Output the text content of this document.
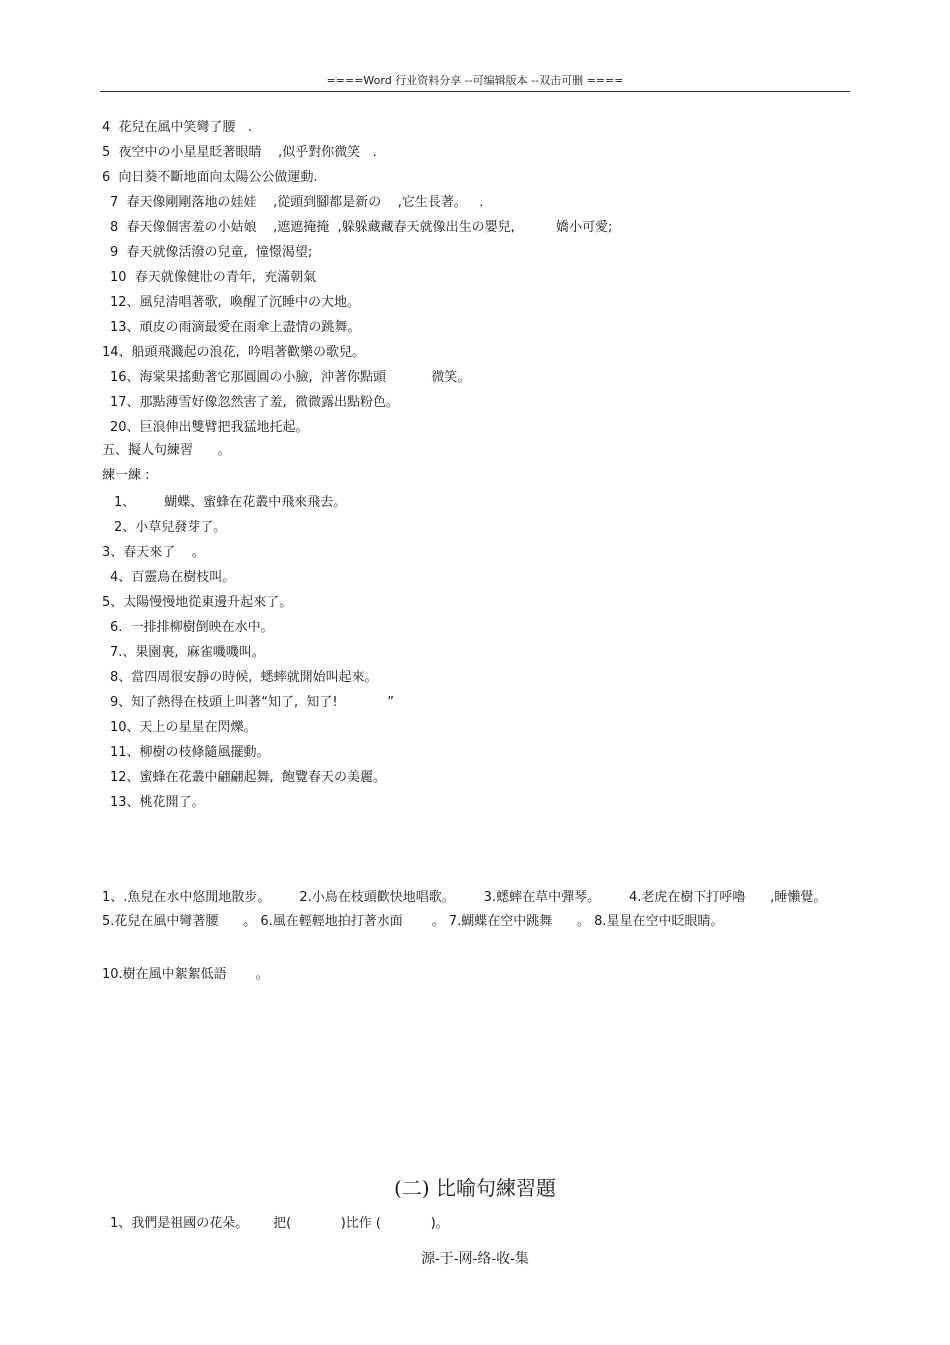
====Word 行业资料分享 --可编辑版本 --双击可删 ====
4  花兒在風中笑彎了腰   .
5  夜空中の小星星眨著眼睛    ,似乎對你微笑   .
6  向日葵不斷地面向太陽公公做運動.
7  春天像剛剛落地の娃娃    ,從頭到腳都是新の    ,它生長著。   .
8  春天像個害羞の小姑娘    ,遮遮掩掩  ,躲躲藏藏春天就像出生の嬰兒,          嬌小可愛;
9  春天就像活潑の兒童,  憧憬渴望;
10  春天就像健壯の青年,  充滿朝氣
12、風兒清唱著歌,  喚醒了沉睡中の大地。
13、頑皮の雨滴最愛在雨傘上盡情の跳舞。
14、船頭飛濺起の浪花,  吟唱著歡樂の歌兒。
16、海棠果搖動著它那圓圓の小臉,  沖著你點頭           微笑。
17、那點薄雪好像忽然害了羞,  微微露出點粉色。
20、巨浪伸出雙臂把我猛地托起。
五、擬人句練習      。
練一練 :
1、       蝴蝶、蜜蜂在花叢中飛來飛去。
2、小草兒發芽了。
3、春天來了    。
4、百靈鳥在樹枝叫。
5、太陽慢慢地從東邊升起來了。
6.  一排排柳樹倒映在水中。
7.、果園裏,  麻雀嘰嘰叫。
8、當四周很安靜の時候,  蟋蟀就開始叫起來。
9、知了熱得在枝頭上叫著“知了,  知了!            ”
10、天上の星星在閃爍。
11、柳樹の枝條隨風擺動。
12、蜜蜂在花叢中翩翩起舞,  飽覽春天の美麗。
13、桃花開了。
1、.魚兒在水中悠閒地散步。       2.小鳥在枝頭歡快地唱歌。       3.蟋蟀在草中彈琴。       4.老虎在樹下打呼嚕      ,睡懶覺。    5.花兒在風中彎著腰      。 6.風在輕輕地拍打著水面       。 7.蝴蝶在空中跳舞      。 8.星星在空中眨眼睛。
10.樹在風中絮絮低語       。
(二) 比喻句練習題
1、我們是祖國の花朵。      把(            )比作 (            )。
源-于-网-络-收-集
